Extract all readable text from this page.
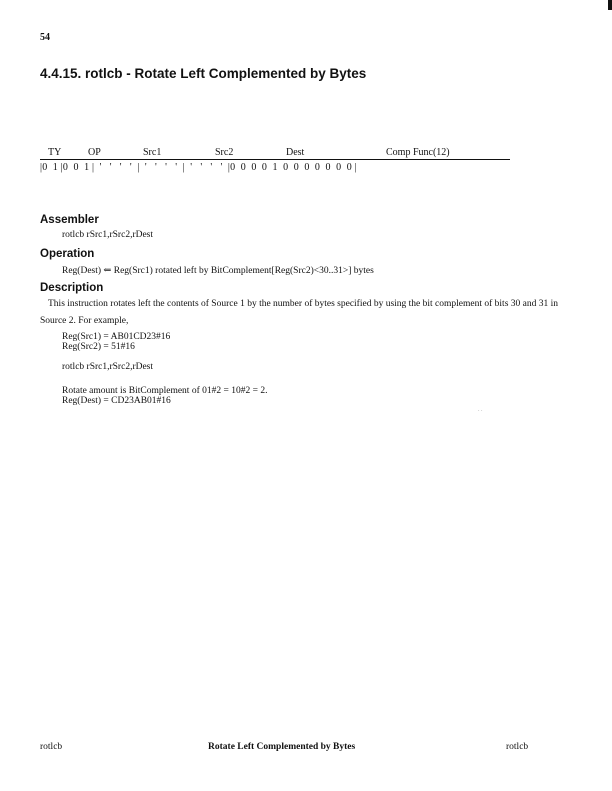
54
4.4.15. rotlcb - Rotate Left Complemented by Bytes
TY	OP	Src1	Src2	Dest	Comp Func(12)
|0  1 |0  0  1 |  '   '   '   '  |  '   '   '   '  |  '   '   '   '  |0  0  0  0  1  0  0  0  0  0  0  0 |
Assembler
rotlcb rSrc1,rSrc2,rDest
Operation
Reg(Dest) ⇐ Reg(Src1) rotated left by BitComplement[Reg(Src2)<30..31>] bytes
Description
This instruction rotates left the contents of Source 1 by the number of bytes specified by using the bit complement of bits 30 and 31 in Source 2. For example,
Reg(Src1) = AB01CD23#16
Reg(Src2) = 51#16
rotlcb rSrc1,rSrc2,rDest
Rotate amount is BitComplement of 01#2 = 10#2 = 2.
Reg(Dest) = CD23AB01#16
. .
rotlcb	Rotate Left Complemented by Bytes	rotlcb
